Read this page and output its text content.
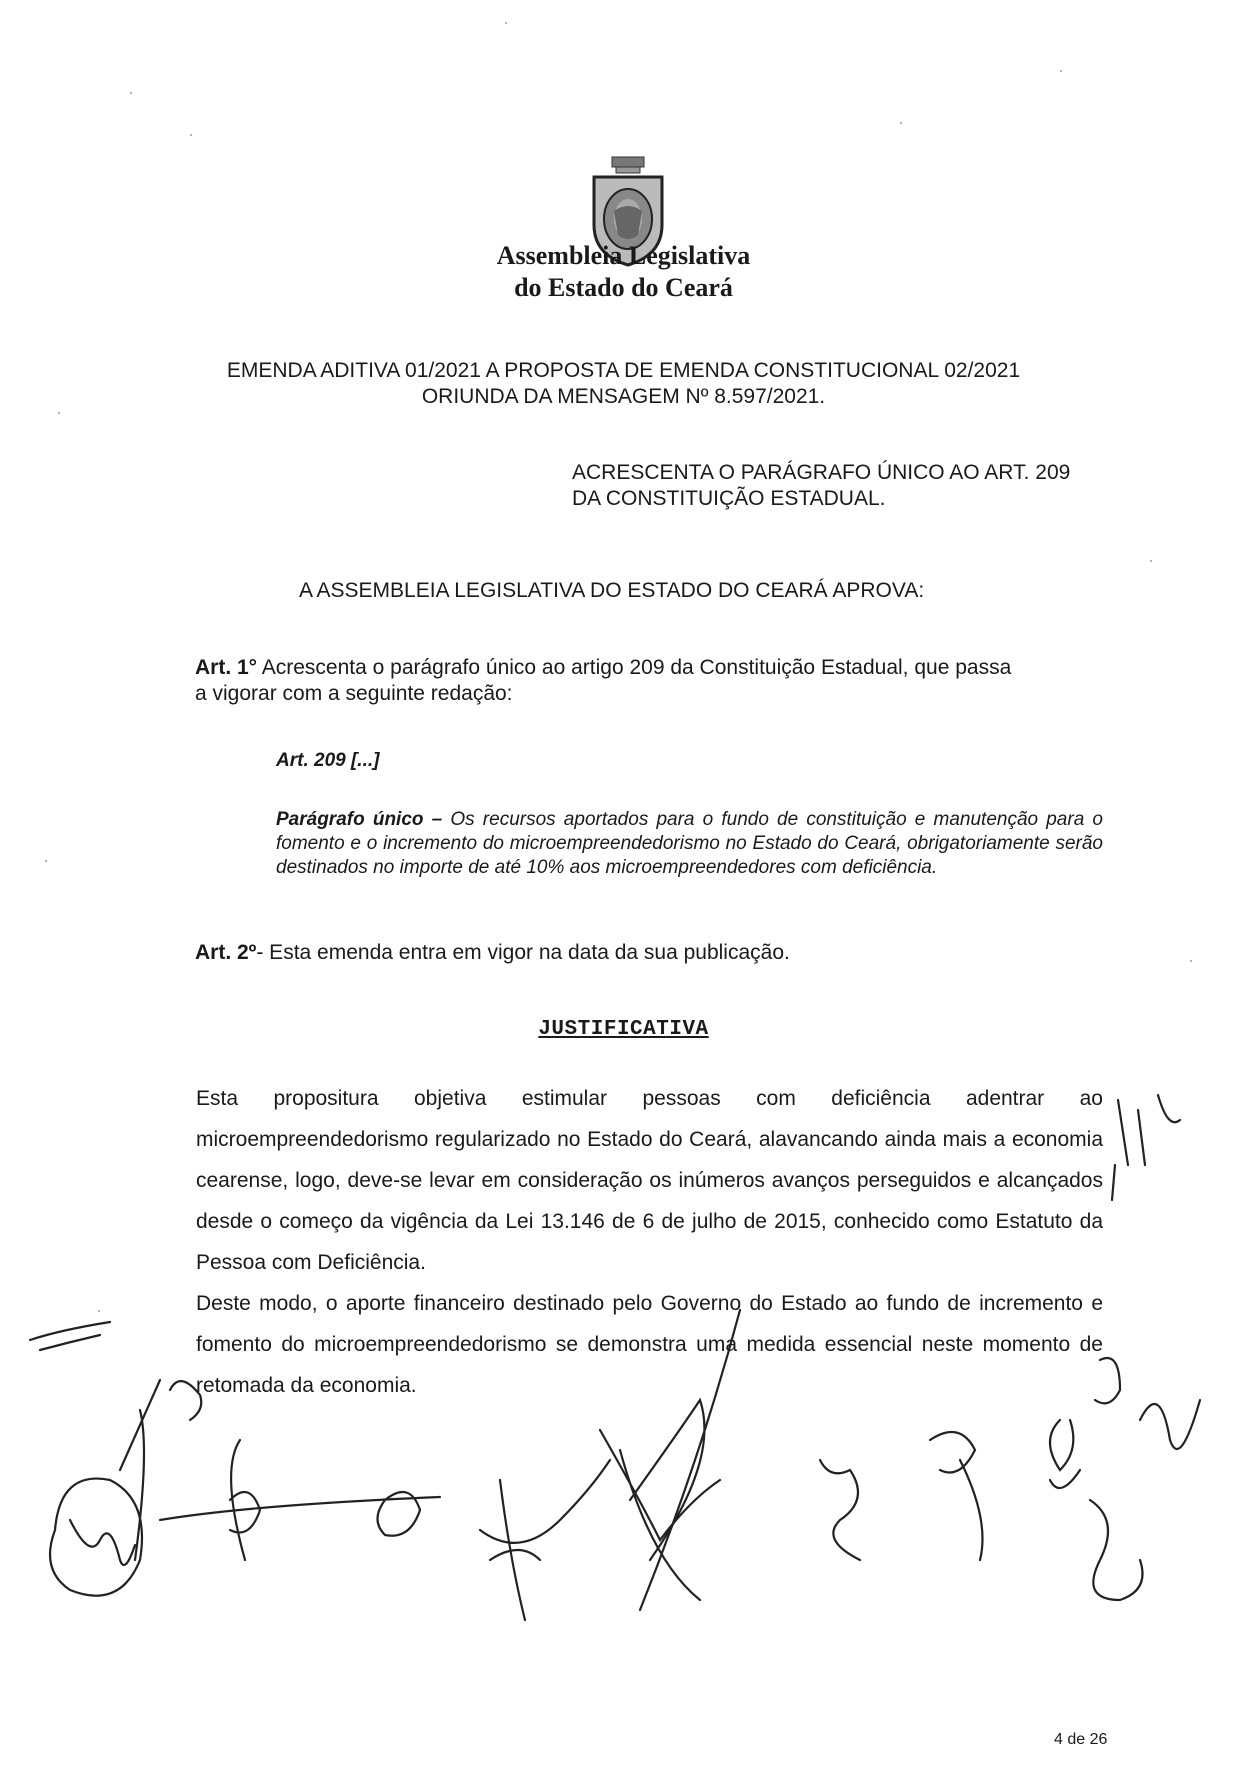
Assembleia Legislativa
do Estado do Ceará
EMENDA ADITIVA 01/2021 A PROPOSTA DE EMENDA CONSTITUCIONAL 02/2021
ORIUNDA DA MENSAGEM Nº 8.597/2021.
ACRESCENTA O PARÁGRAFO ÚNICO AO ART. 209
DA CONSTITUIÇÃO ESTADUAL.
A ASSEMBLEIA LEGISLATIVA DO ESTADO DO CEARÁ APROVA:
Art. 1° Acrescenta o parágrafo único ao artigo 209 da Constituição Estadual, que passa
a vigorar com a seguinte redação:
Art. 209 [...]
Parágrafo único – Os recursos aportados para o fundo de constituição e manutenção para o fomento e o incremento do microempreendedorismo no Estado do Ceará, obrigatoriamente serão destinados no importe de até 10% aos microempreendedores com deficiência.
Art. 2º- Esta emenda entra em vigor na data da sua publicação.
JUSTIFICATIVA

Esta propositura objetiva estimular pessoas com deficiência adentrar ao microempreendedorismo regularizado no Estado do Ceará, alavancando ainda mais a economia cearense, logo, deve-se levar em consideração os inúmeros avanços perseguidos e alcançados desde o começo da vigência da Lei 13.146 de 6 de julho de 2015, conhecido como Estatuto da Pessoa com Deficiência.

Deste modo, o aporte financeiro destinado pelo Governo do Estado ao fundo de incremento e fomento do microempreendedorismo se demonstra uma medida essencial neste momento de retomada da economia.

4 de 26
